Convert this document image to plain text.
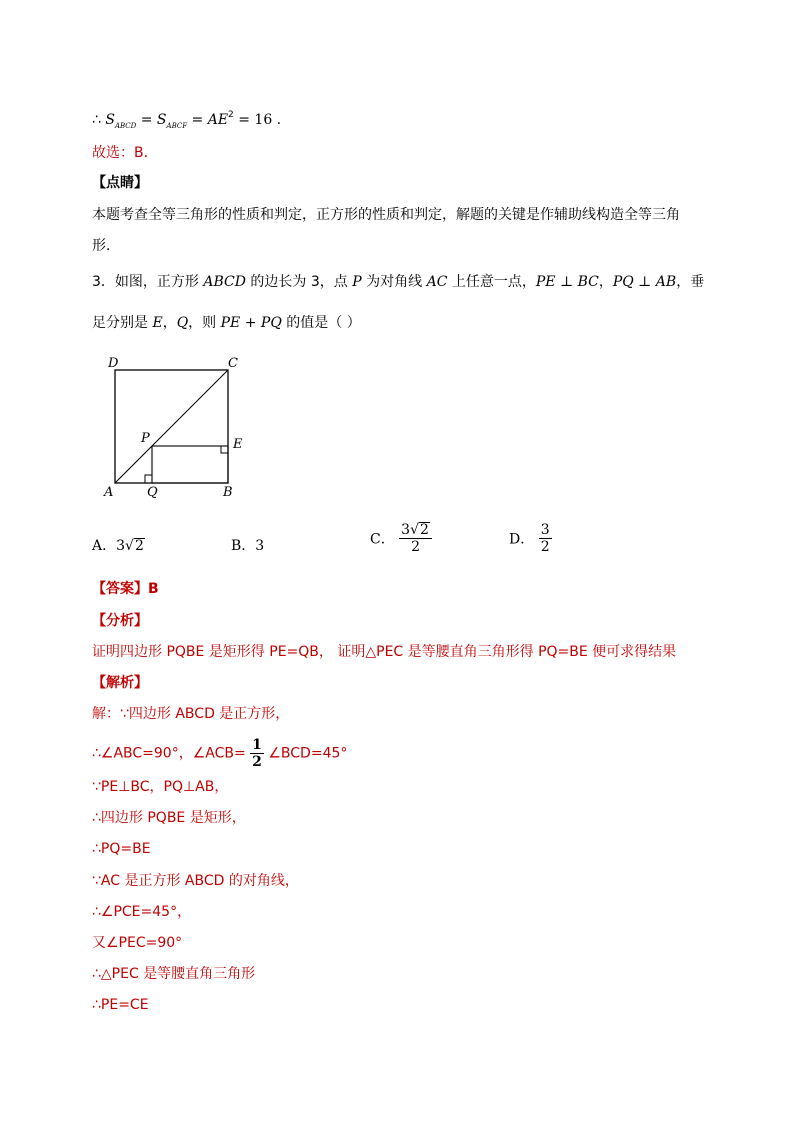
∴ $S_{ABCD} = S_{ABCF} = AE^2 = 16$ .
故选：B．
【点睛】
本题考查全等三角形的性质和判定，正方形的性质和判定，解题的关键是作辅助线构造全等三角
形．
3．如图，正方形 ABCD 的边长为 3，点 P 为对角线 AC 上任意一点，PE ⊥ BC，PQ ⊥ AB，垂
足分别是 E，Q，则 PE + PQ 的值是（ ）
D	C
P	E
A	Q	B
A．3√2	B．3	C． $\frac{3√2}{2}$	D． $\frac{3}{2}$
【答案】B
【分析】
证明四边形 PQBE 是矩形得 PE=QB， 证明△PEC 是等腰直角三角形得 PQ=BE 便可求得结果
【解析】
解：∵四边形 ABCD 是正方形，
∴∠ABC=90°，∠ACB= $\frac{1}{2}$ ∠BCD=45°
∵PE⊥BC，PQ⊥AB，
∴四边形 PQBE 是矩形，
∴PQ=BE
∵AC 是正方形 ABCD 的对角线，
∴∠PCE=45°，
又∠PEC=90°
∴△PEC 是等腰直角三角形
∴PE=CE
